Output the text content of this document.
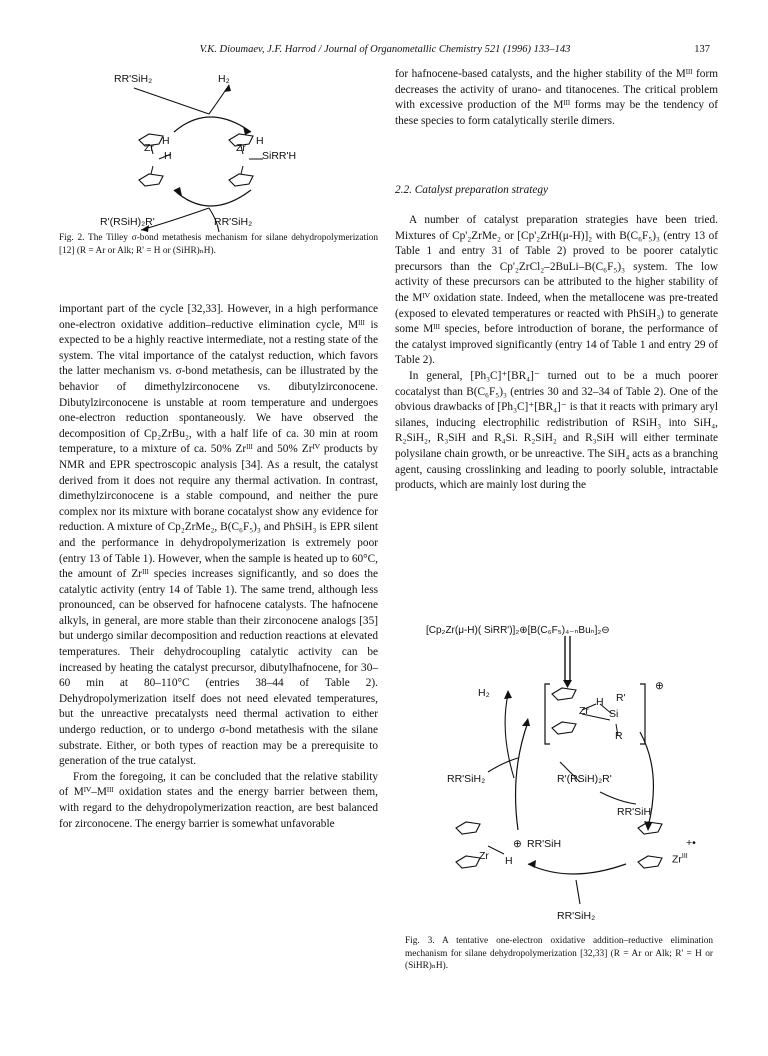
V.K. Dioumaev, J.F. Harrod / Journal of Organometallic Chemistry 521 (1996) 133–143	137
RR'SiH₂	H₂
Zr
H
H
Zr
H
SiRR'H
R'(RSiH)₂R'	RR'SiH₂
Fig. 2. The Tilley σ-bond metathesis mechanism for silane dehydropolymerization [12] (R = Ar or Alk; R' = H or (SiHR)ₙH).

important part of the cycle [32,33]. However, in a high performance one-electron oxidative addition–reductive elimination cycle, Mᴵᴵᴵ is expected to be a highly reactive intermediate, not a resting state of the system. The vital importance of the catalyst reduction, which favors the latter mechanism vs. σ-bond metathesis, can be illustrated by the behavior of dimethylzirconocene vs. dibutylzirconocene. Dibutylzirconocene is unstable at room temperature and undergoes one-electron reduction spontaneously. We have observed the decomposition of Cp₂ZrBu₂, with a half life of ca. 30 min at room temperature, to a mixture of ca. 50% Zrᴵᴵᴵ and 50% Zrᴵⱽ products by NMR and EPR spectroscopic analysis [34]. As a result, the catalyst derived from it does not require any thermal activation. In contrast, dimethylzirconocene is a stable compound, and neither the pure complex nor its mixture with borane cocatalyst show any evidence for reduction. A mixture of Cp₂ZrMe₂, B(C₆F₅)₃ and PhSiH₃ is EPR silent and the performance in dehydropolymerization is extremely poor (entry 13 of Table 1). However, when the sample is heated up to 60°C, the amount of Zrᴵᴵᴵ species increases significantly, and so does the catalytic activity (entry 14 of Table 1). The same trend, although less pronounced, can be observed for hafnocene catalysts. The hafnocene alkyls, in general, are more stable than their zirconocene analogs [35] but undergo similar decomposition and reduction reactions at elevated temperatures. Their dehydrocoupling catalytic activity can be increased by heating the catalyst precursor, dibutylhafnocene, for 30–60 min at 80–110°C (entries 38–44 of Table 2). Dehydropolymerization itself does not need elevated temperatures, but the unreactive precatalysts need thermal activation to either undergo reduction, or to undergo σ-bond metathesis with the silane substrate. Either, or both types of reaction may be a prerequisite to generation of the true catalyst.

From the foregoing, it can be concluded that the relative stability of Mᴵⱽ–Mᴵᴵᴵ oxidation states and the energy barrier between them, with regard to the dehydropolymerization reaction, are best balanced for zirconocene. The energy barrier is somewhat unfavorable

for hafnocene-based catalysts, and the higher stability of the Mᴵᴵᴵ form decreases the activity of urano- and titanocenes. The critical problem with excessive production of the Mᴵᴵᴵ forms may be the tendency of these species to form catalytically sterile dimers.

2.2. Catalyst preparation strategy

A number of catalyst preparation strategies have been tried. Mixtures of Cp'₂ZrMe₂ or [Cp'₂ZrH(μ-H)]₂ with B(C₆F₅)₃ (entry 13 of Table 1 and entry 31 of Table 2) proved to be poorer catalytic precursors than the Cp'₂ZrCl₂–2BuLi–B(C₆F₅)₃ system. The low activity of these precursors can be attributed to the higher stability of the Mᴵⱽ oxidation state. Indeed, when the metallocene was pre-treated (exposed to elevated temperatures or reacted with PhSiH₃) to generate some Mᴵᴵᴵ species, before introduction of borane, the performance of the catalyst improved significantly (entry 14 of Table 1 and entry 29 of Table 2).

In general, [Ph₃C]⁺[BR₄]⁻ turned out to be a much poorer cocatalyst than B(C₆F₅)₃ (entries 30 and 32–34 of Table 2). One of the obvious drawbacks of [Ph₃C]⁺[BR₄]⁻ is that it reacts with primary aryl silanes, inducing electrophilic redistribution of RSiH₃ into SiH₄, R₂SiH₂, R₃SiH and R₄Si. R₂SiH₂ and R₃SiH will either terminate polysilane chain growth, or be unreactive. The SiH₄ acts as a branching agent, causing crosslinking and leading to poorly soluble, intractable products, which are mainly lost during the

[Cp₂Zr(μ-H)( SiRR')]₂⊕[B(C₆F₅)₄₋ₙBuₙ]₂⊖
⊕
H₂
Zr
H R'
Si
R
RR'SiH₂	R'(RSiH)₂R'
RR'SiH
⊕ RR'SiH
Zr H
+•
$Zr^{III}$
RR'SiH₂
Fig. 3. A tentative one-electron oxidative addition–reductive elimination mechanism for silane dehydropolymerization [32,33] (R = Ar or Alk; R' = H or (SiHR)ₙH).
